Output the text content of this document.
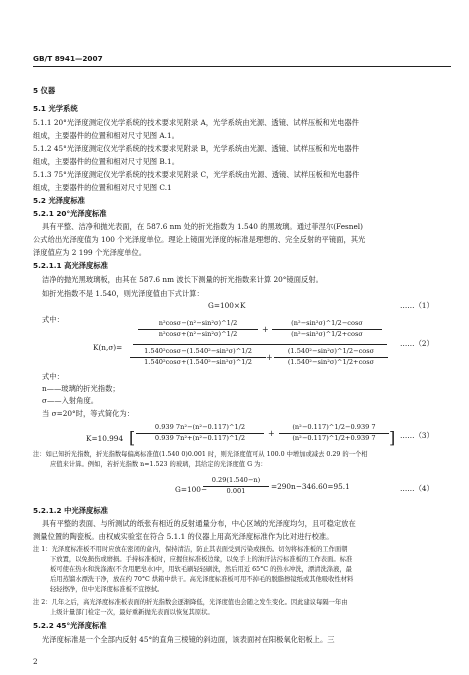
GB/T 8941—2007
5 仪器
5.1 光学系统
5.1.1 20°光泽度测定仪光学系统的技术要求见附录 A，光学系统由光源、透镜、试样压板和光电器件
组成，主要器件的位置和相对尺寸见图 A.1。
5.1.2 45°光泽度测定仪光学系统的技术要求见附录 B，光学系统由光源、透镜、试样压板和光电器件
组成，主要器件的位置和相对尺寸见图 B.1。
5.1.3 75°光泽度测定仪光学系统的技术要求见附录 C，光学系统由光源、透镜、试样压板和光电器件
组成，主要器件的位置和相对尺寸见图 C.1
5.2 光泽度标准
5.2.1 20°光泽度标准
具有平整、洁净和抛光表面，在 587.6 nm 处的折光指数为 1.540 的黑玻璃。通过菲涅尔(Fesnel)
公式给出光泽度值为 100 个光泽度单位。理论上镜面光泽度的标准是理想的、完全反射的平镜面，其光
泽度值应为 2 199 个光泽度单位。
5.2.1.1 高光泽度标准
洁净的抛光黑玻璃板，由其在 587.6 nm 波长下测量的折光指数来计算 20°镜面反射。
如折光指数不是 1.540，则光泽度值由下式计算：
G=100×K	……（1）
式中：
K(n,σ)=
n²cosσ−(n²−sin²σ)^1/2
n²cosσ+(n²−sin²σ)^1/2	+
(n²−sin²σ)^1/2−cosσ
(n²−sin²σ)^1/2+cosσ
1.540²cosσ−(1.540²−sin²σ)^1/2
1.540²cosσ+(1.540²−sin²σ)^1/2	+
(1.540²−sin²σ)^1/2−cosσ
(1.540²−sin²σ)^1/2+cosσ
……（2）
式中：
n——玻璃的折光指数；
σ——入射角度。
当 σ=20°时，等式简化为：
K=10.994 [
0.939 7n²−(n²−0.117)^1/2
0.939 7n²+(n²−0.117)^1/2	+
(n²−0.117)^1/2−0.939 7
(n²−0.117)^1/2+0.939 7 ] ……（3）
注：如已知折光指数，折光指数每偏离标准值(1.540 0)0.001 时，则光泽度值可从 100.0 中增加或减去 0.29 的一个相
应值来计算。例如，若折光指数 n=1.523 的玻璃，其给定的光泽度值 G 为：
G=100−
0.29(1.540−n)
0.001	=290n−346.60=95.1	……（4）
5.2.1.2 中光泽度标准
具有平整的表面、与所测试的纸张有相近的反射通量分布，中心区域的光泽度均匀，且可稳定放在
测量位置的陶瓷板。由权威实验室在符合 5.1.1 的仪器上用高光泽度标准作为比对进行校准。
注 1：光泽度标准板不用时应放在密闭的盒内，保持清洁，防止其表面受到污染或损伤。切勿将标准板的工作面朝
下放置，以免损伤或磨损。手持标准板时，应握住标准板边缘，以免手上的油汗沾污标准板的工作表面。标准
板可使在热水和洗涤液(不含用肥皂水)中，用软毛刷轻轻刷洗，然后用近 65°C 的热水冲洗，漂清洗涤液，最
后用蒸馏水漂洗干净，放在约 70°C 烘箱中烘干。高光泽度标准板可用不掉毛的脱脂擦镜纸或其他吸收性材料
轻轻擦净，但中光泽度标准板不宜擦拭。
注 2：几年之后，高光泽度标准板表面的折光指数会逐渐降低，光泽度值也会随之发生变化。因此建议每隔一年由
上级计量部门检定一次，最好重新抛光表面以恢复其原状。
5.2.2 45°光泽度标准
光泽度标准是一个全部内反射 45°的直角三棱镜的斜边面，该表面衬在阳极氧化铝板上。三
2
